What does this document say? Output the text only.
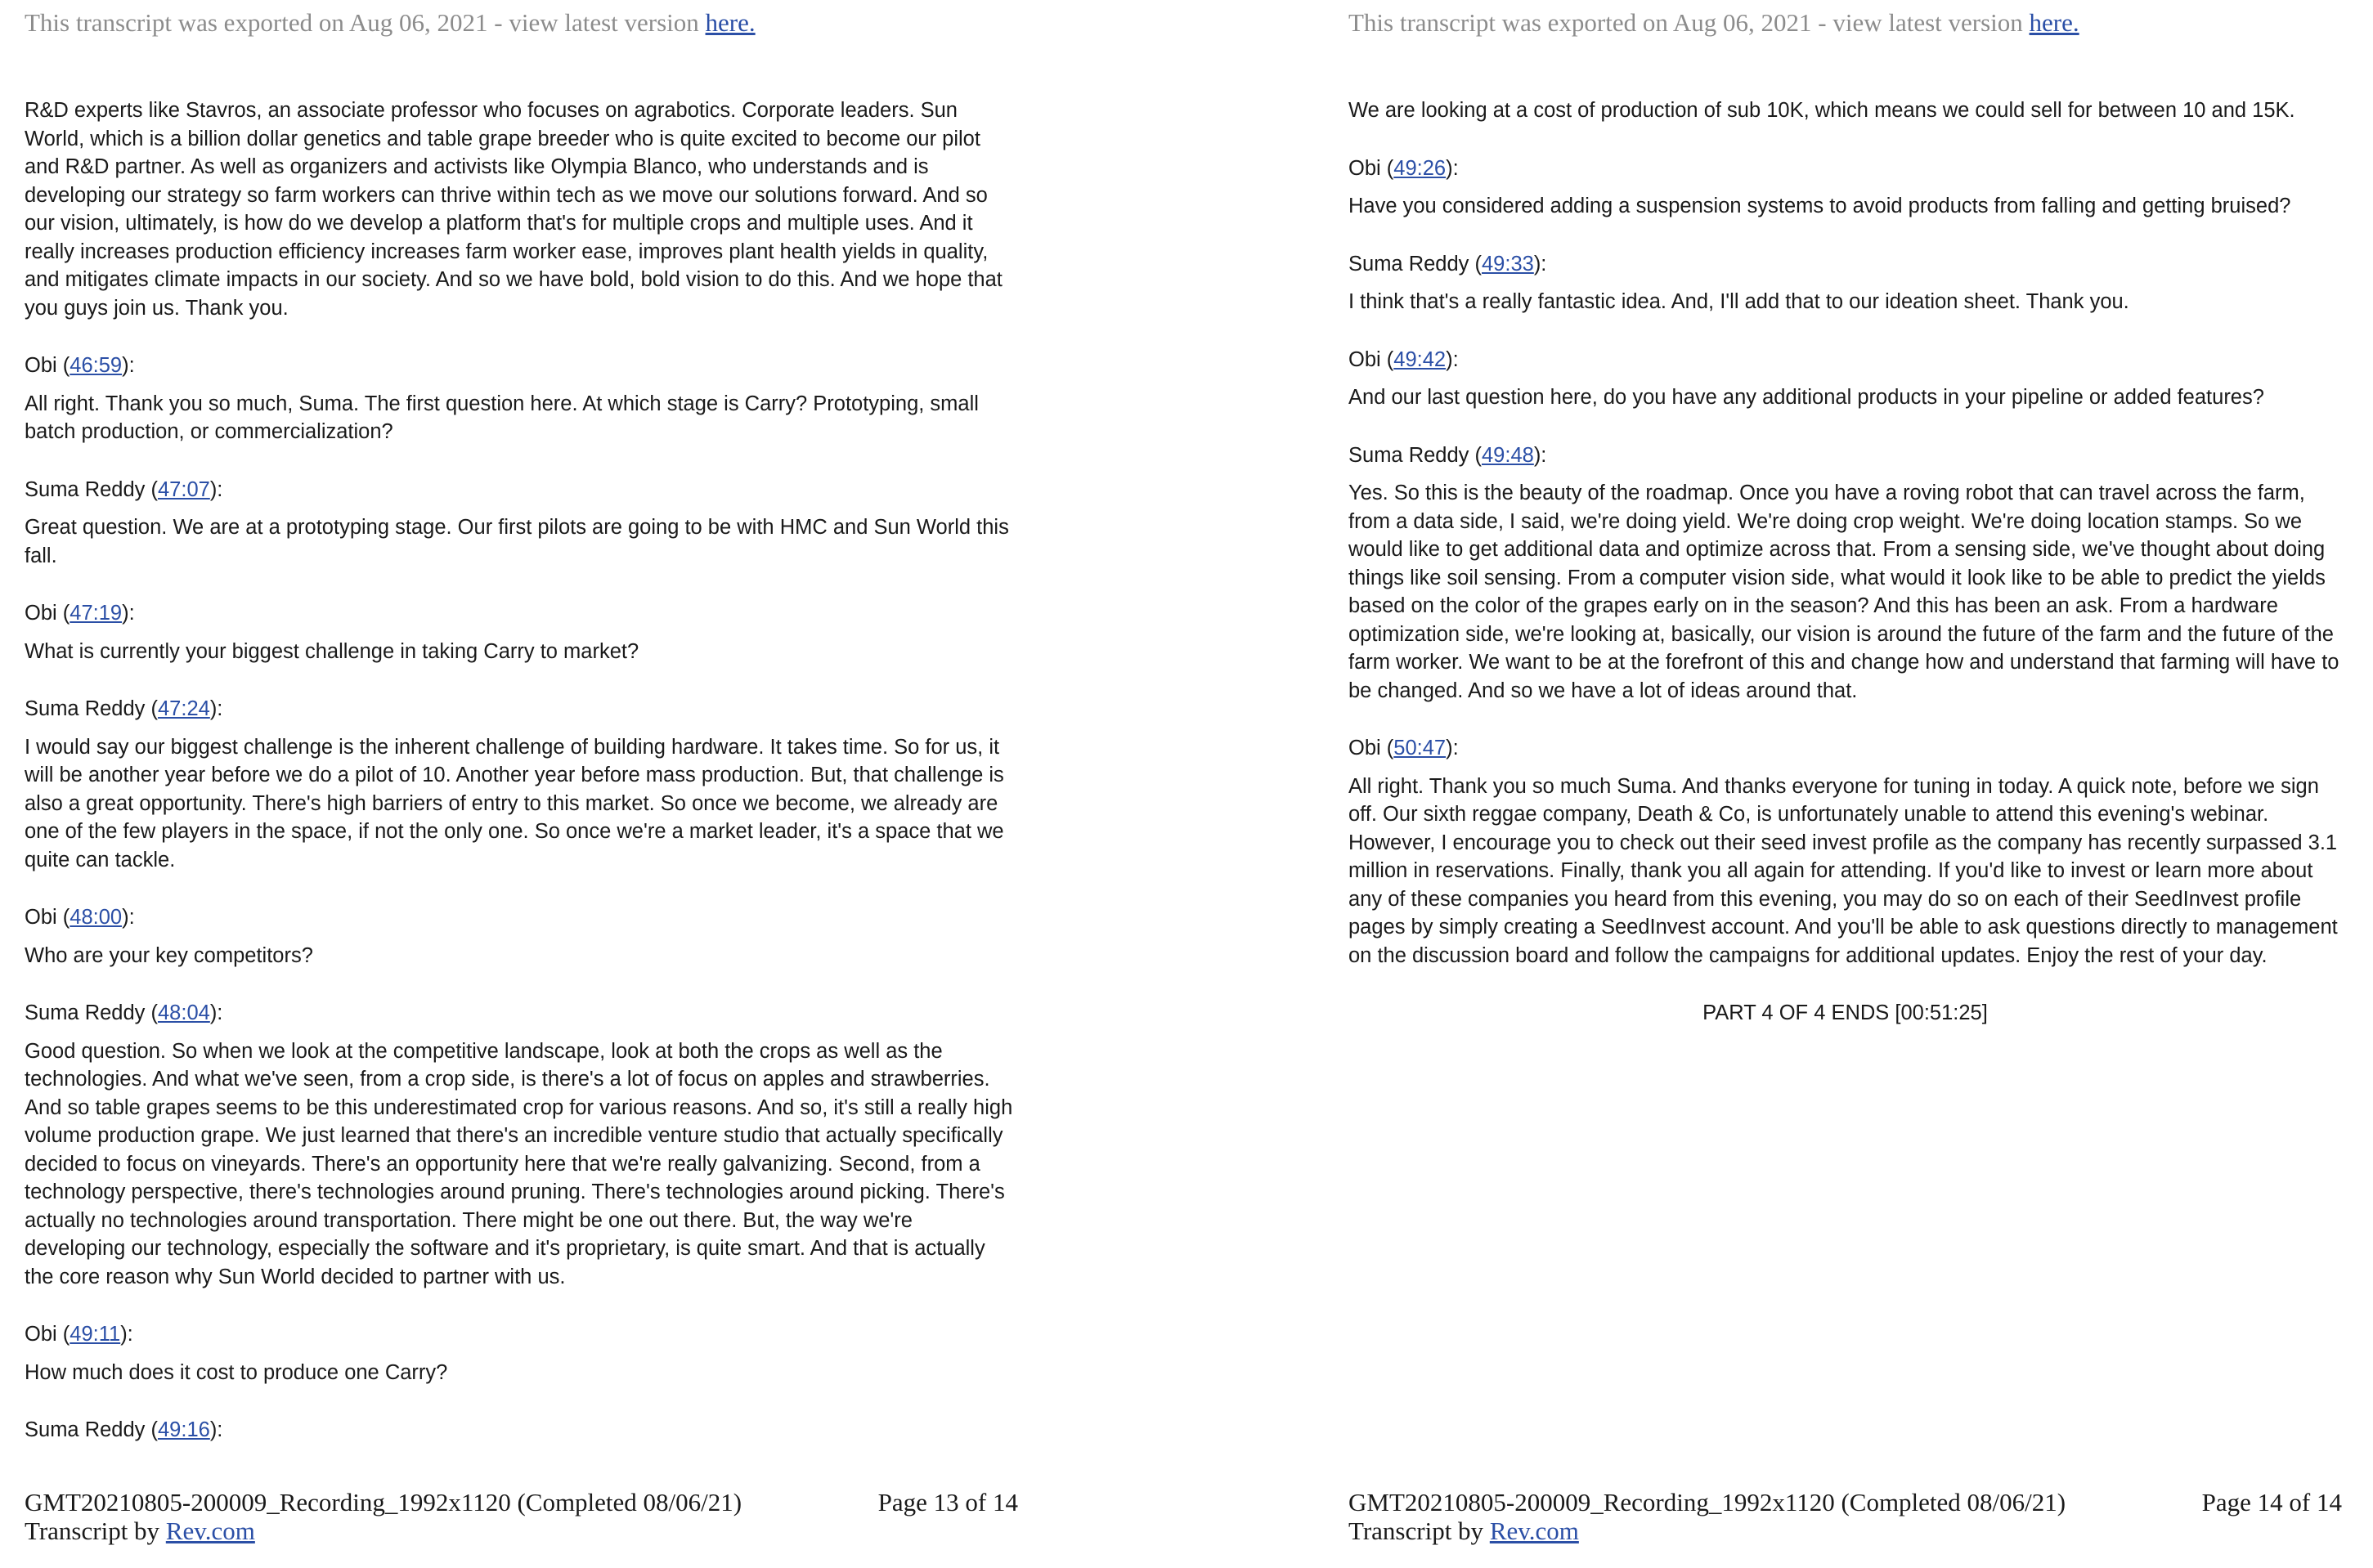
This transcript was exported on Aug 06, 2021 - view latest version here.

R&D experts like Stavros, an associate professor who focuses on agrabotics. Corporate leaders. Sun World, which is a billion dollar genetics and table grape breeder who is quite excited to become our pilot and R&D partner. As well as organizers and activists like Olympia Blanco, who understands and is developing our strategy so farm workers can thrive within tech as we move our solutions forward. And so our vision, ultimately, is how do we develop a platform that's for multiple crops and multiple uses. And it really increases production efficiency increases farm worker ease, improves plant health yields in quality, and mitigates climate impacts in our society. And so we have bold, bold vision to do this. And we hope that you guys join us. Thank you.

Obi (46:59):

All right. Thank you so much, Suma. The first question here. At which stage is Carry? Prototyping, small batch production, or commercialization?

Suma Reddy (47:07):

Great question. We are at a prototyping stage. Our first pilots are going to be with HMC and Sun World this fall.

Obi (47:19):

What is currently your biggest challenge in taking Carry to market?

Suma Reddy (47:24):

I would say our biggest challenge is the inherent challenge of building hardware. It takes time. So for us, it will be another year before we do a pilot of 10. Another year before mass production. But, that challenge is also a great opportunity. There's high barriers of entry to this market. So once we become, we already are one of the few players in the space, if not the only one. So once we're a market leader, it's a space that we quite can tackle.

Obi (48:00):

Who are your key competitors?

Suma Reddy (48:04):

Good question. So when we look at the competitive landscape, look at both the crops as well as the technologies. And what we've seen, from a crop side, is there's a lot of focus on apples and strawberries. And so table grapes seems to be this underestimated crop for various reasons. And so, it's still a really high volume production grape. We just learned that there's an incredible venture studio that actually specifically decided to focus on vineyards. There's an opportunity here that we're really galvanizing. Second, from a technology perspective, there's technologies around pruning. There's technologies around picking. There's actually no technologies around transportation. There might be one out there. But, the way we're developing our technology, especially the software and it's proprietary, is quite smart. And that is actually the core reason why Sun World decided to partner with us.

Obi (49:11):

How much does it cost to produce one Carry?

Suma Reddy (49:16):

GMT20210805-200009_Recording_1992x1120 (Completed 08/06/21)	Page 13 of 14
Transcript by Rev.com
This transcript was exported on Aug 06, 2021 - view latest version here.

We are looking at a cost of production of sub 10K, which means we could sell for between 10 and 15K.

Obi (49:26):

Have you considered adding a suspension systems to avoid products from falling and getting bruised?

Suma Reddy (49:33):

I think that's a really fantastic idea. And, I'll add that to our ideation sheet. Thank you.

Obi (49:42):

And our last question here, do you have any additional products in your pipeline or added features?

Suma Reddy (49:48):

Yes. So this is the beauty of the roadmap. Once you have a roving robot that can travel across the farm, from a data side, I said, we're doing yield. We're doing crop weight. We're doing location stamps. So we would like to get additional data and optimize across that. From a sensing side, we've thought about doing things like soil sensing. From a computer vision side, what would it look like to be able to predict the yields based on the color of the grapes early on in the season? And this has been an ask. From a hardware optimization side, we're looking at, basically, our vision is around the future of the farm and the future of the farm worker. We want to be at the forefront of this and change how and understand that farming will have to be changed. And so we have a lot of ideas around that.

Obi (50:47):

All right. Thank you so much Suma. And thanks everyone for tuning in today. A quick note, before we sign off. Our sixth reggae company, Death & Co, is unfortunately unable to attend this evening's webinar. However, I encourage you to check out their seed invest profile as the company has recently surpassed 3.1 million in reservations. Finally, thank you all again for attending. If you'd like to invest or learn more about any of these companies you heard from this evening, you may do so on each of their SeedInvest profile pages by simply creating a SeedInvest account. And you'll be able to ask questions directly to management on the discussion board and follow the campaigns for additional updates. Enjoy the rest of your day.

PART 4 OF 4 ENDS [00:51:25]

GMT20210805-200009_Recording_1992x1120 (Completed 08/06/21)	Page 14 of 14
Transcript by Rev.com
